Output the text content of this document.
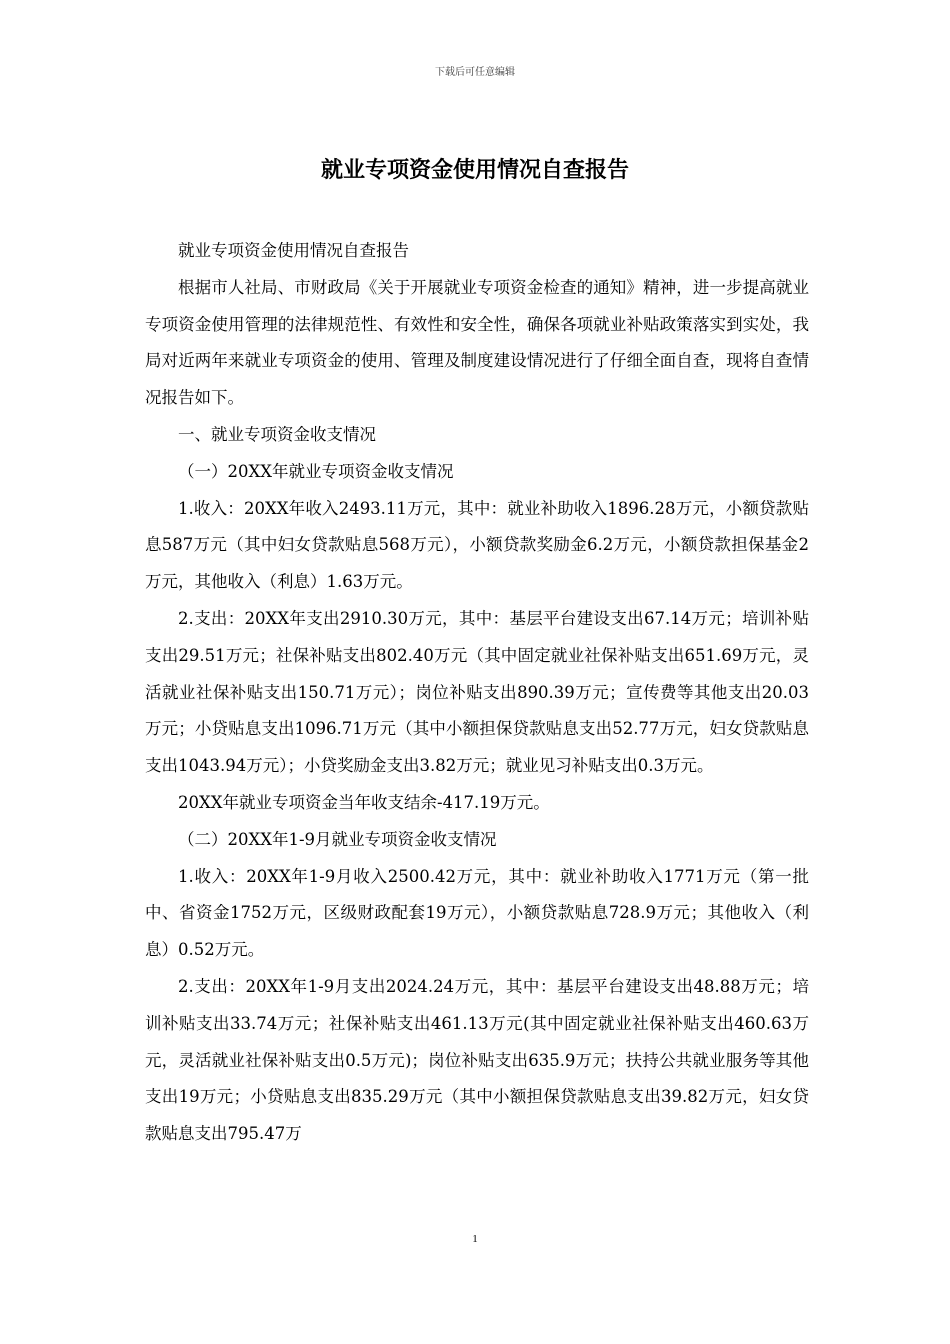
下载后可任意编辑
就业专项资金使用情况自查报告

就业专项资金使用情况自查报告

根据市人社局、市财政局《关于开展就业专项资金检查的通知》精神，进一步提高就业专项资金使用管理的法律规范性、有效性和安全性，确保各项就业补贴政策落实到实处，我局对近两年来就业专项资金的使用、管理及制度建设情况进行了仔细全面自查，现将自查情况报告如下。

一、就业专项资金收支情况

（一）20XX年就业专项资金收支情况

1.收入：20XX年收入2493.11万元，其中：就业补助收入1896.28万元，小额贷款贴息587万元（其中妇女贷款贴息568万元），小额贷款奖励金6.2万元，小额贷款担保基金2万元，其他收入（利息）1.63万元。

2.支出：20XX年支出2910.30万元，其中：基层平台建设支出67.14万元；培训补贴支出29.51万元；社保补贴支出802.40万元（其中固定就业社保补贴支出651.69万元，灵活就业社保补贴支出150.71万元）；岗位补贴支出890.39万元；宣传费等其他支出20.03万元；小贷贴息支出1096.71万元（其中小额担保贷款贴息支出52.77万元，妇女贷款贴息支出1043.94万元）；小贷奖励金支出3.82万元；就业见习补贴支出0.3万元。

20XX年就业专项资金当年收支结余-417.19万元。

（二）20XX年1-9月就业专项资金收支情况

1.收入：20XX年1-9月收入2500.42万元，其中：就业补助收入1771万元（第一批中、省资金1752万元，区级财政配套19万元），小额贷款贴息728.9万元；其他收入（利息）0.52万元。

2.支出：20XX年1-9月支出2024.24万元，其中：基层平台建设支出48.88万元；培训补贴支出33.74万元；社保补贴支出461.13万元(其中固定就业社保补贴支出460.63万元，灵活就业社保补贴支出0.5万元)；岗位补贴支出635.9万元；扶持公共就业服务等其他支出19万元；小贷贴息支出835.29万元（其中小额担保贷款贴息支出39.82万元，妇女贷款贴息支出795.47万

1
